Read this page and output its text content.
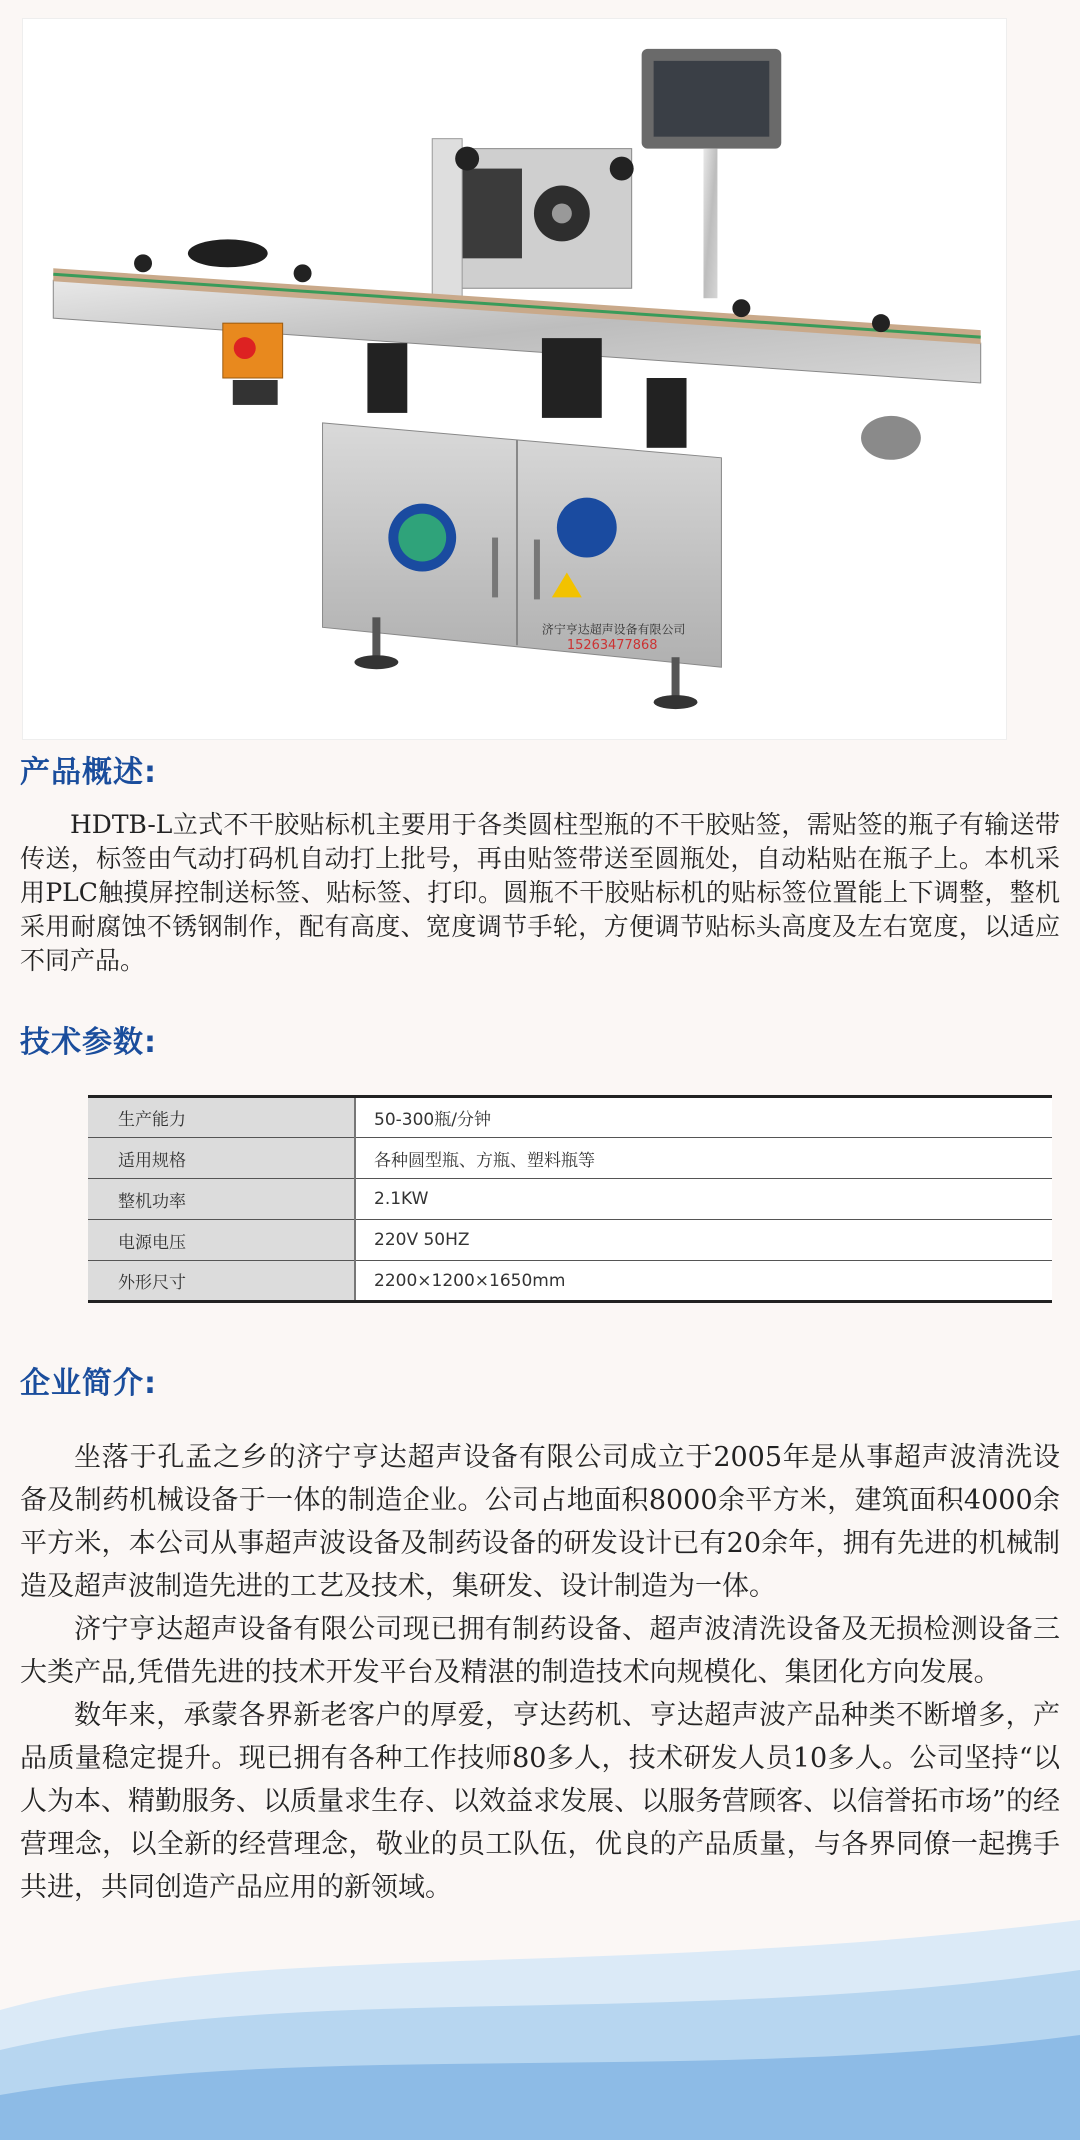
济宁亨达超声设备有限公司
15263477868
产品概述:

HDTB-L立式不干胶贴标机主要用于各类圆柱型瓶的不干胶贴签，需贴签的瓶子有输送带传送，标签由气动打码机自动打上批号，再由贴签带送至圆瓶处，自动粘贴在瓶子上。本机采用PLC触摸屏控制送标签、贴标签、打印。圆瓶不干胶贴标机的贴标签位置能上下调整，整机采用耐腐蚀不锈钢制作，配有高度、宽度调节手轮，方便调节贴标头高度及左右宽度，以适应不同产品。

技术参数:
生产能力	50-300瓶/分钟
适用规格	各种圆型瓶、方瓶、塑料瓶等
整机功率	2.1KW
电源电压	220V 50HZ
外形尺寸	2200×1200×1650mm
企业简介:

坐落于孔孟之乡的济宁亨达超声设备有限公司成立于2005年是从事超声波清洗设备及制药机械设备于一体的制造企业。公司占地面积8000余平方米，建筑面积4000余平方米，本公司从事超声波设备及制药设备的研发设计已有20余年，拥有先进的机械制造及超声波制造先进的工艺及技术，集研发、设计制造为一体。

济宁亨达超声设备有限公司现已拥有制药设备、超声波清洗设备及无损检测设备三大类产品,凭借先进的技术开发平台及精湛的制造技术向规模化、集团化方向发展。

数年来，承蒙各界新老客户的厚爱，亨达药机、亨达超声波产品种类不断增多，产品质量稳定提升。现已拥有各种工作技师80多人，技术研发人员10多人。公司坚持“以人为本、精勤服务、以质量求生存、以效益求发展、以服务营顾客、以信誉拓市场”的经营理念，以全新的经营理念，敬业的员工队伍，优良的产品质量，与各界同僚一起携手共进，共同创造产品应用的新领域。
